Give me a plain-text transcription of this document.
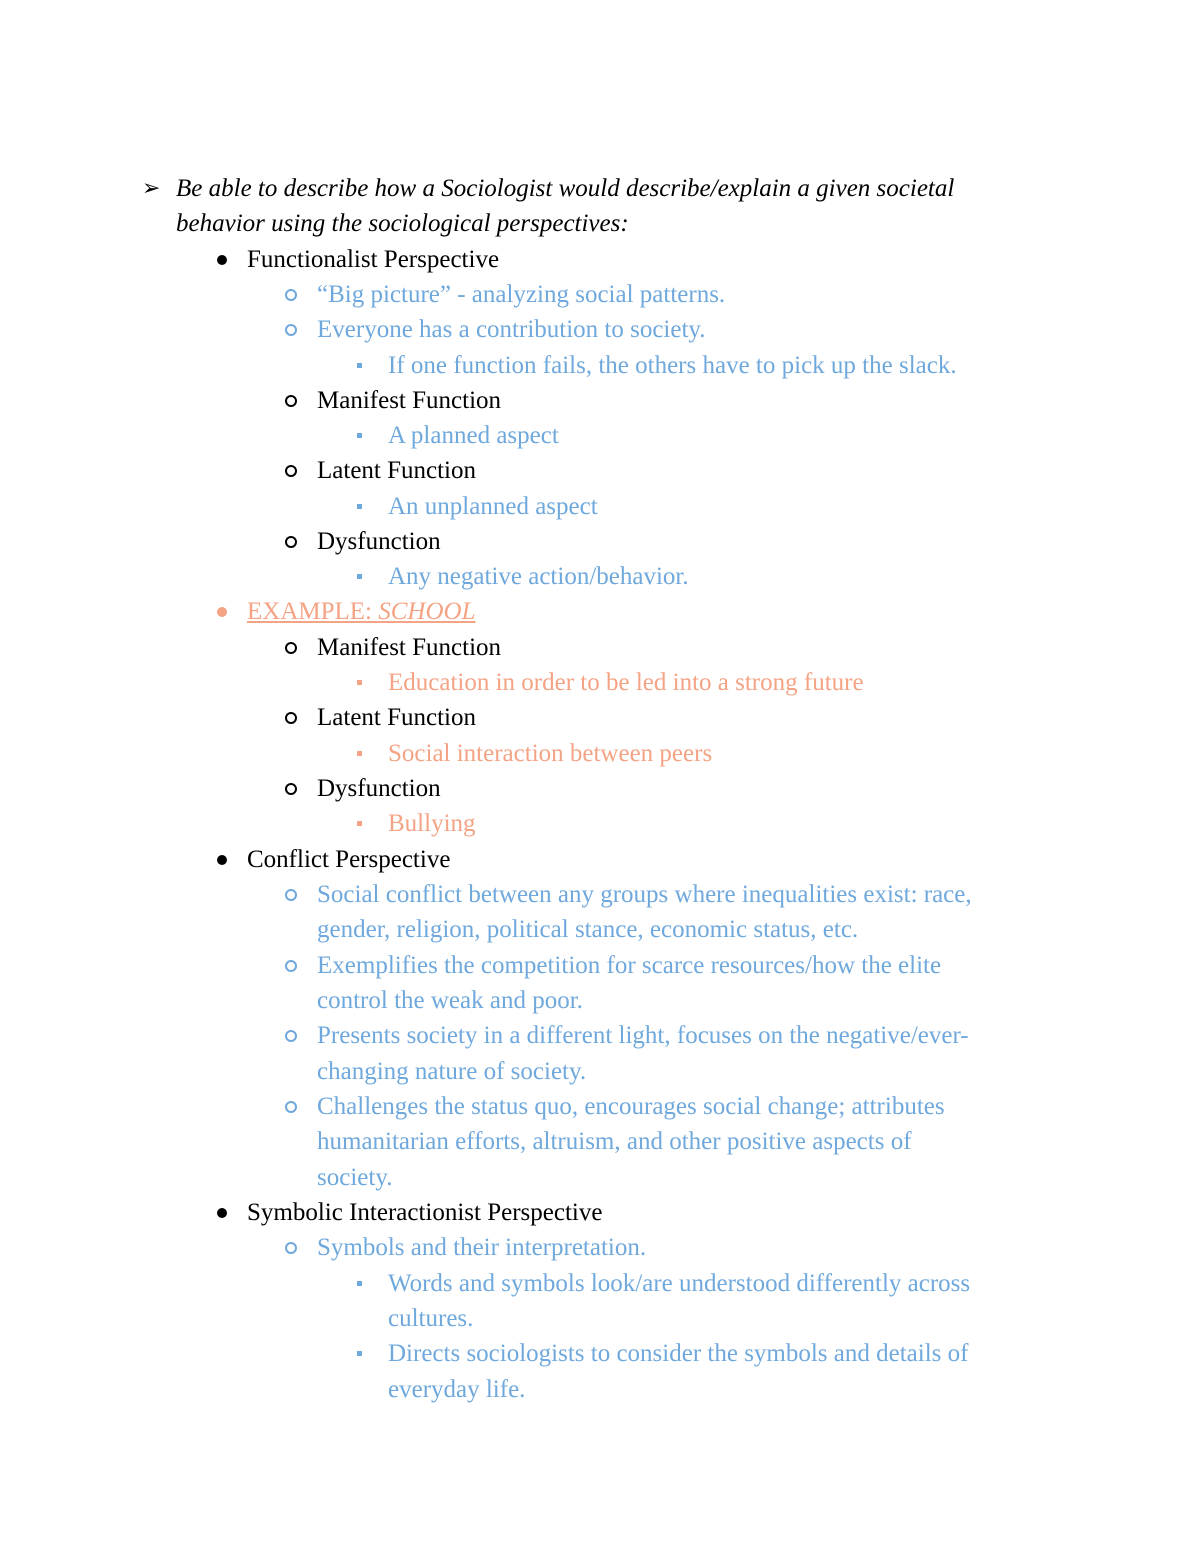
➢ Be able to describe how a Sociologist would describe/explain a given societal
behavior using the sociological perspectives:
Functionalist Perspective
“Big picture” - analyzing social patterns.
Everyone has a contribution to society.
If one function fails, the others have to pick up the slack.
Manifest Function
A planned aspect
Latent Function
An unplanned aspect
Dysfunction
Any negative action/behavior.
EXAMPLE: SCHOOL
Manifest Function
Education in order to be led into a strong future
Latent Function
Social interaction between peers
Dysfunction
Bullying
Conflict Perspective
Social conflict between any groups where inequalities exist: race,
gender, religion, political stance, economic status, etc.
Exemplifies the competition for scarce resources/how the elite
control the weak and poor.
Presents society in a different light, focuses on the negative/ever-
changing nature of society.
Challenges the status quo, encourages social change; attributes
humanitarian efforts, altruism, and other positive aspects of
society.
Symbolic Interactionist Perspective
Symbols and their interpretation.
Words and symbols look/are understood differently across
cultures.
Directs sociologists to consider the symbols and details of
everyday life.
